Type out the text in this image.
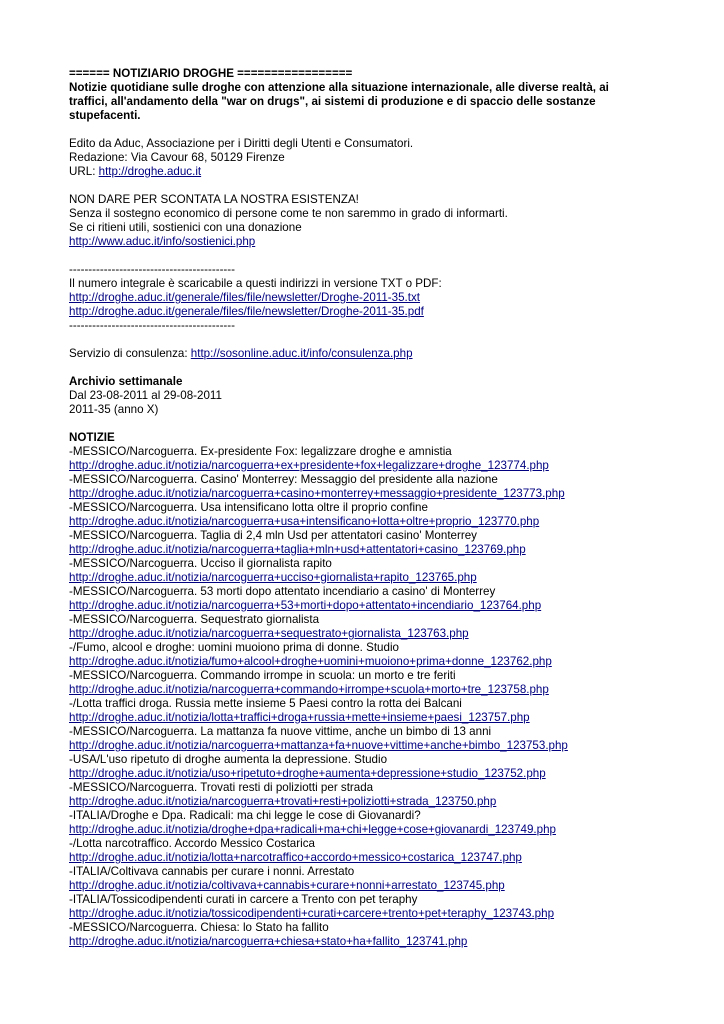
====== NOTIZIARIO DROGHE =================
Notizie quotidiane sulle droghe con attenzione alla situazione internazionale, alle diverse realtà, ai
traffici, all'andamento della "war on drugs", ai sistemi di produzione e di spaccio delle sostanze
stupefacenti.
Edito da Aduc, Associazione per i Diritti degli Utenti e Consumatori.
Redazione: Via Cavour 68, 50129 Firenze
URL: http://droghe.aduc.it
NON DARE PER SCONTATA LA NOSTRA ESISTENZA!
Senza il sostegno economico di persone come te non saremmo in grado di informarti.
Se ci ritieni utili, sostienici con una donazione
http://www.aduc.it/info/sostienici.php
-------------------------------------------
Il numero integrale è scaricabile a questi indirizzi in versione TXT o PDF:
http://droghe.aduc.it/generale/files/file/newsletter/Droghe-2011-35.txt
http://droghe.aduc.it/generale/files/file/newsletter/Droghe-2011-35.pdf
-------------------------------------------
Servizio di consulenza: http://sosonline.aduc.it/info/consulenza.php
Archivio settimanale
Dal 23-08-2011 al 29-08-2011
2011-35 (anno X)
NOTIZIE
-MESSICO/Narcoguerra. Ex-presidente Fox: legalizzare droghe e amnistia
http://droghe.aduc.it/notizia/narcoguerra+ex+presidente+fox+legalizzare+droghe_123774.php
-MESSICO/Narcoguerra. Casino' Monterrey: Messaggio del presidente alla nazione
http://droghe.aduc.it/notizia/narcoguerra+casino+monterrey+messaggio+presidente_123773.php
-MESSICO/Narcoguerra. Usa intensificano lotta oltre il proprio confine
http://droghe.aduc.it/notizia/narcoguerra+usa+intensificano+lotta+oltre+proprio_123770.php
-MESSICO/Narcoguerra. Taglia di 2,4 mln Usd per attentatori casino' Monterrey
http://droghe.aduc.it/notizia/narcoguerra+taglia+mln+usd+attentatori+casino_123769.php
-MESSICO/Narcoguerra. Ucciso il giornalista rapito
http://droghe.aduc.it/notizia/narcoguerra+ucciso+giornalista+rapito_123765.php
-MESSICO/Narcoguerra. 53 morti dopo attentato incendiario a casino' di Monterrey
http://droghe.aduc.it/notizia/narcoguerra+53+morti+dopo+attentato+incendiario_123764.php
-MESSICO/Narcoguerra. Sequestrato giornalista
http://droghe.aduc.it/notizia/narcoguerra+sequestrato+giornalista_123763.php
-/Fumo, alcool e droghe: uomini muoiono prima di donne. Studio
http://droghe.aduc.it/notizia/fumo+alcool+droghe+uomini+muoiono+prima+donne_123762.php
-MESSICO/Narcoguerra. Commando irrompe in scuola: un morto e tre feriti
http://droghe.aduc.it/notizia/narcoguerra+commando+irrompe+scuola+morto+tre_123758.php
-/Lotta traffici droga. Russia mette insieme 5 Paesi contro la rotta dei Balcani
http://droghe.aduc.it/notizia/lotta+traffici+droga+russia+mette+insieme+paesi_123757.php
-MESSICO/Narcoguerra. La mattanza fa nuove vittime, anche un bimbo di 13 anni
http://droghe.aduc.it/notizia/narcoguerra+mattanza+fa+nuove+vittime+anche+bimbo_123753.php
-USA/L'uso ripetuto di droghe aumenta la depressione. Studio
http://droghe.aduc.it/notizia/uso+ripetuto+droghe+aumenta+depressione+studio_123752.php
-MESSICO/Narcoguerra. Trovati resti di poliziotti per strada
http://droghe.aduc.it/notizia/narcoguerra+trovati+resti+poliziotti+strada_123750.php
-ITALIA/Droghe e Dpa. Radicali: ma chi legge le cose di Giovanardi?
http://droghe.aduc.it/notizia/droghe+dpa+radicali+ma+chi+legge+cose+giovanardi_123749.php
-/Lotta narcotraffico. Accordo Messico Costarica
http://droghe.aduc.it/notizia/lotta+narcotraffico+accordo+messico+costarica_123747.php
-ITALIA/Coltivava cannabis per curare i nonni. Arrestato
http://droghe.aduc.it/notizia/coltivava+cannabis+curare+nonni+arrestato_123745.php
-ITALIA/Tossicodipendenti curati in carcere a Trento con pet teraphy
http://droghe.aduc.it/notizia/tossicodipendenti+curati+carcere+trento+pet+teraphy_123743.php
-MESSICO/Narcoguerra. Chiesa: lo Stato ha fallito
http://droghe.aduc.it/notizia/narcoguerra+chiesa+stato+ha+fallito_123741.php
